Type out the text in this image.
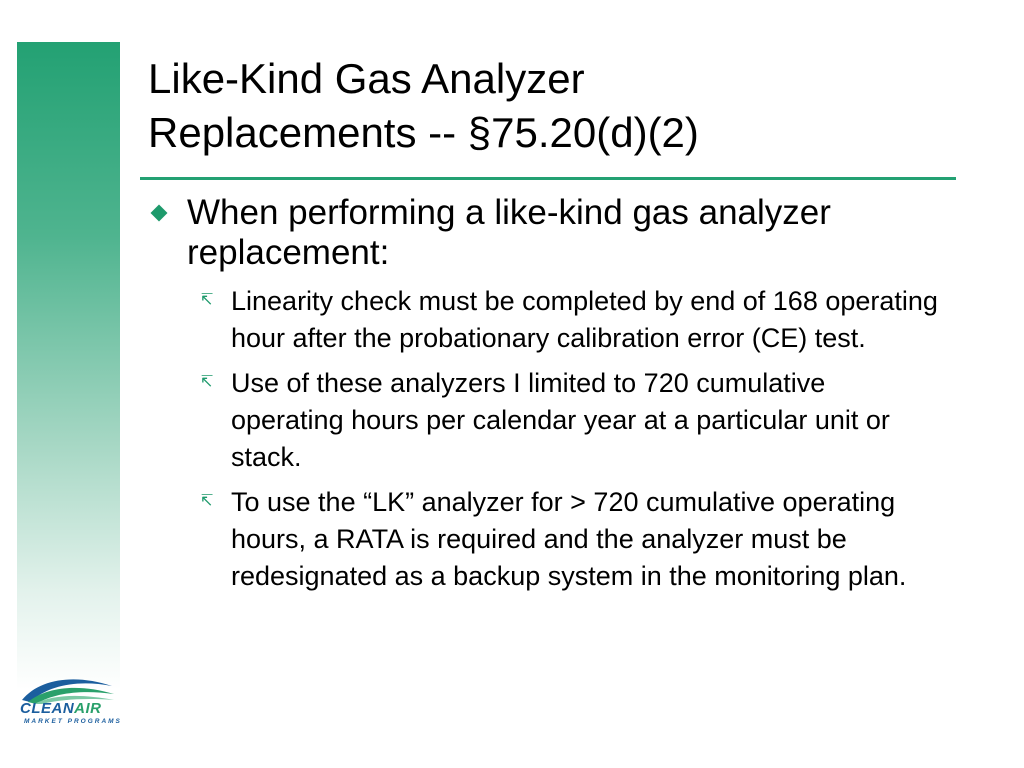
Like-Kind Gas Analyzer
Replacements -- §75.20(d)(2)
When performing a like-kind gas analyzer replacement:
↸ Linearity check must be completed by end of 168 operating hour after the probationary calibration error (CE) test.
↸ Use of these analyzers I limited to 720 cumulative operating hours per calendar year at a particular unit or stack.
↸ To use the “LK” analyzer for > 720 cumulative operating hours, a RATA is required and the analyzer must be redesignated as a backup system in the monitoring plan.
CLEANAIR
MARKET PROGRAMS
